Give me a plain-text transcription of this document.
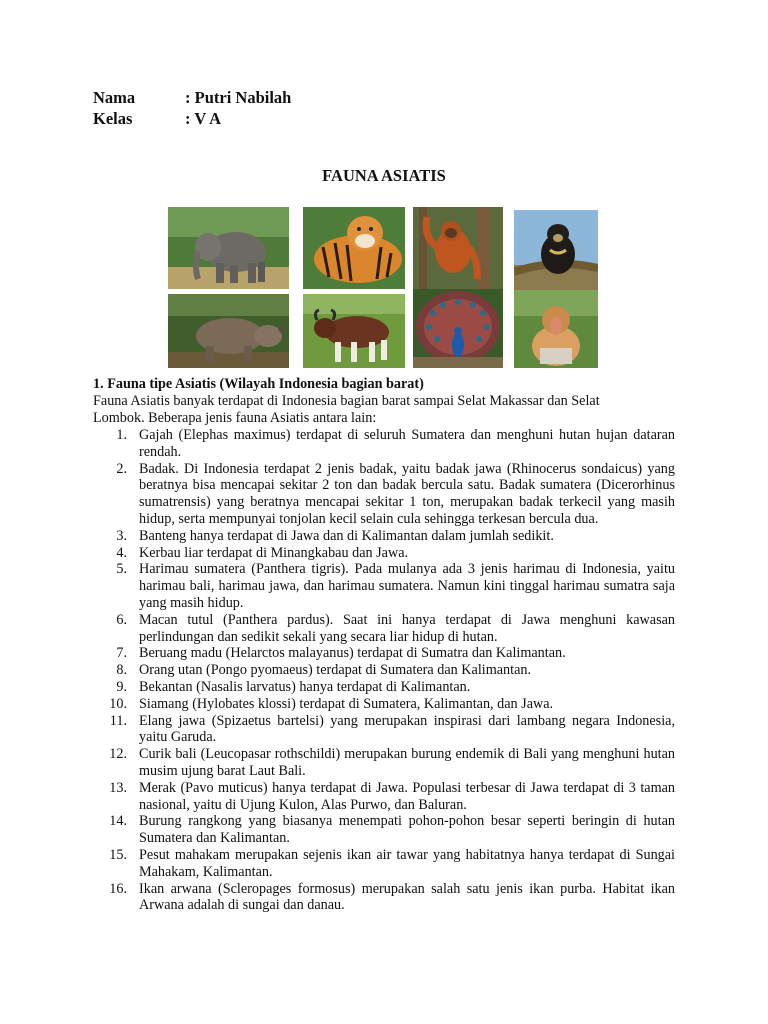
Nama	: Putri Nabilah
Kelas	: V A
FAUNA ASIATIS
1. Fauna tipe Asiatis (Wilayah Indonesia bagian barat)

Fauna Asiatis banyak terdapat di Indonesia bagian barat sampai Selat Makassar dan Selat

Lombok. Beberapa jenis fauna Asiatis antara lain:

1. Gajah (Elephas maximus) terdapat di seluruh Sumatera dan menghuni hutan hujan dataran rendah.
2. Badak. Di Indonesia terdapat 2 jenis badak, yaitu badak jawa (Rhinocerus sondaicus) yang beratnya bisa mencapai sekitar 2 ton dan badak bercula satu. Badak sumatera (Dicerorhinus sumatrensis) yang beratnya mencapai sekitar 1 ton, merupakan badak terkecil yang masih hidup, serta mempunyai tonjolan kecil selain cula sehingga terkesan bercula dua.
3. Banteng hanya terdapat di Jawa dan di Kalimantan dalam jumlah sedikit.
4. Kerbau liar terdapat di Minangkabau dan Jawa.
5. Harimau sumatera (Panthera tigris). Pada mulanya ada 3 jenis harimau di Indonesia, yaitu harimau bali, harimau jawa, dan harimau sumatera. Namun kini tinggal harimau sumatra saja yang masih hidup.
6. Macan tutul (Panthera pardus). Saat ini hanya terdapat di Jawa menghuni kawasan perlindungan dan sedikit sekali yang secara liar hidup di hutan.
7. Beruang madu (Helarctos malayanus) terdapat di Sumatra dan Kalimantan.
8. Orang utan (Pongo pyomaeus) terdapat di Sumatera dan Kalimantan.
9. Bekantan (Nasalis larvatus) hanya terdapat di Kalimantan.
10. Siamang (Hylobates klossi) terdapat di Sumatera, Kalimantan, dan Jawa.
11. Elang jawa (Spizaetus bartelsi) yang merupakan inspirasi dari lambang negara Indonesia, yaitu Garuda.
12. Curik bali (Leucopasar rothschildi) merupakan burung endemik di Bali yang menghuni hutan musim ujung barat Laut Bali.
13. Merak (Pavo muticus) hanya terdapat di Jawa. Populasi terbesar di Jawa terdapat di 3 taman nasional, yaitu di Ujung Kulon, Alas Purwo, dan Baluran.
14. Burung rangkong yang biasanya menempati pohon-pohon besar seperti beringin di hutan Sumatera dan Kalimantan.
15. Pesut mahakam merupakan sejenis ikan air tawar yang habitatnya hanya terdapat di Sungai Mahakam, Kalimantan.
16. Ikan arwana (Scleropages formosus) merupakan salah satu jenis ikan purba. Habitat ikan Arwana adalah di sungai dan danau.
